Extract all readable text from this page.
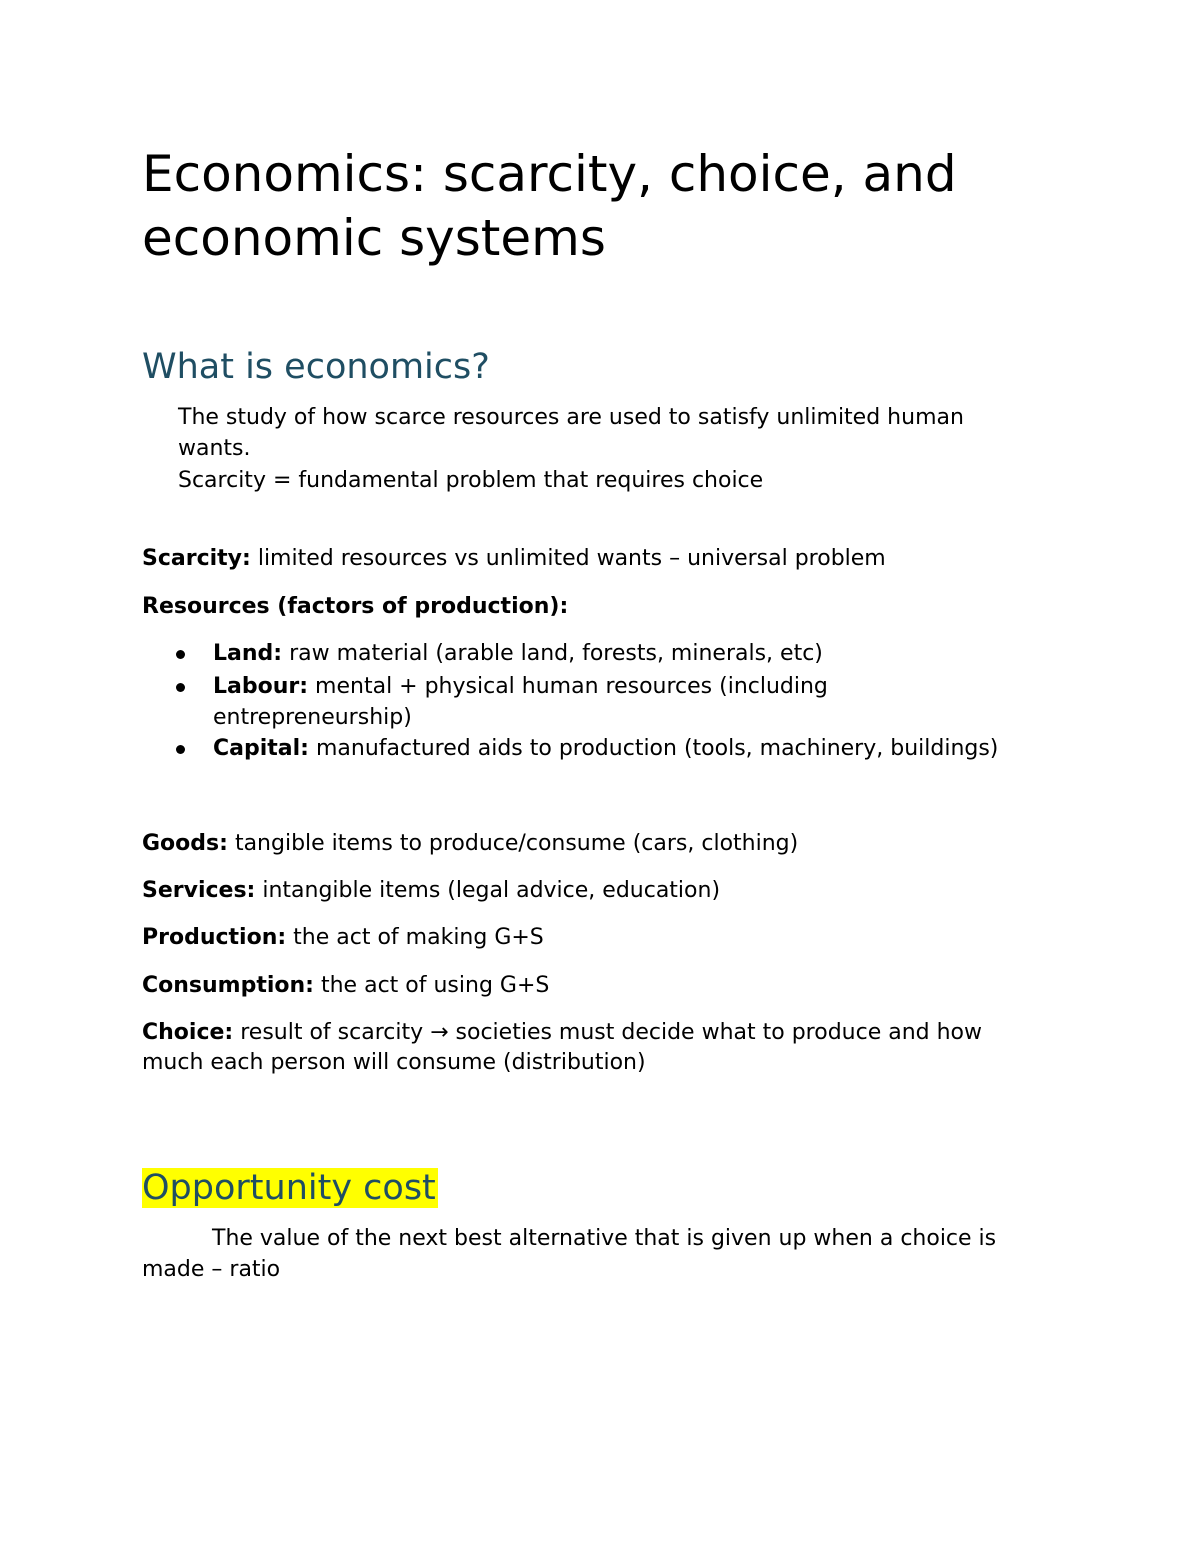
Economics: scarcity, choice, and
economic systems
What is economics?
The study of how scarce resources are used to satisfy unlimited human
wants.
Scarcity = fundamental problem that requires choice
Scarcity: limited resources vs unlimited wants – universal problem
Resources (factors of production):
Land: raw material (arable land, forests, minerals, etc)
Labour: mental + physical human resources (including
entrepreneurship)
Capital: manufactured aids to production (tools, machinery, buildings)
Goods: tangible items to produce/consume (cars, clothing)
Services: intangible items (legal advice, education)
Production: the act of making G+S
Consumption: the act of using G+S
Choice: result of scarcity → societies must decide what to produce and how
much each person will consume (distribution)
Opportunity cost
The value of the next best alternative that is given up when a choice is
made – ratio
